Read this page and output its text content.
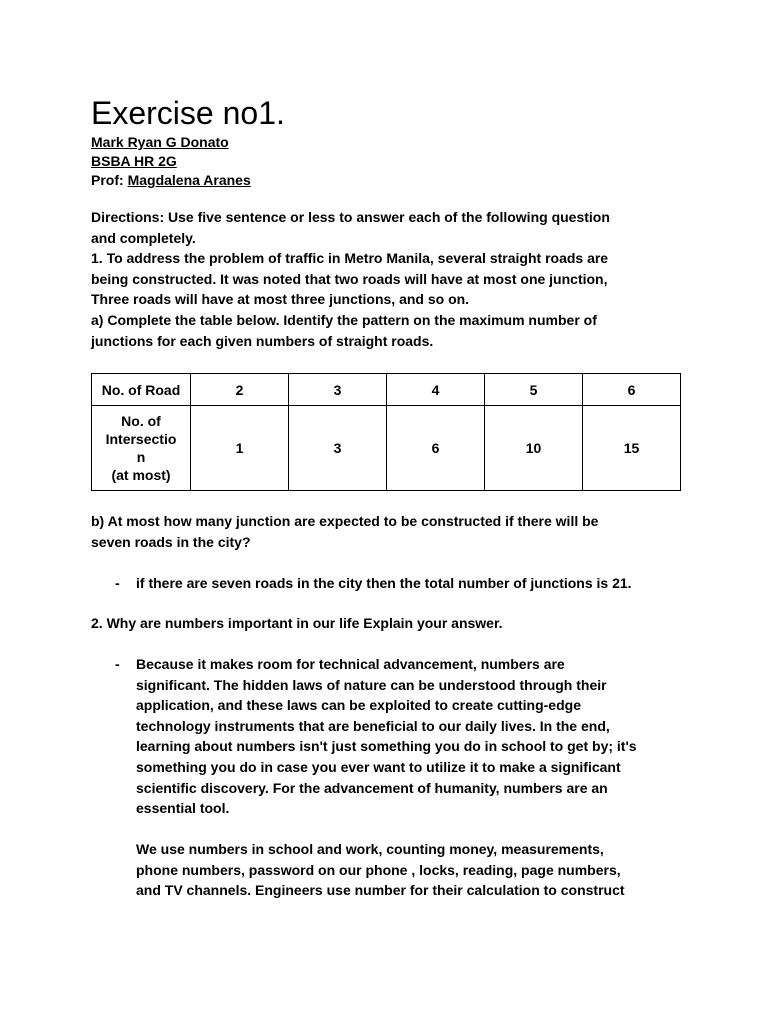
Exercise no1.
Mark Ryan G Donato
BSBA HR 2G
Prof: Magdalena Aranes

Directions: Use five sentence or less to answer each of the following question

and completely.

1. To address the problem of traffic in Metro Manila, several straight roads are

being constructed. It was noted that two roads will have at most one junction,

Three roads will have at most three junctions, and so on.

a) Complete the table below. Identify the pattern on the maximum number of

junctions for each given numbers of straight roads.

No. of Road	2	3	4	5	6

No. of
Intersectio
n
(at most)	1	3	6	10	15

b) At most how many junction are expected to be constructed if there will be

seven roads in the city?

- if there are seven roads in the city then the total number of junctions is 21.
2. Why are numbers important in our life Explain your answer.
- Because it makes room for technical advancement, numbers are

significant. The hidden laws of nature can be understood through their

application, and these laws can be exploited to create cutting-edge

technology instruments that are beneficial to our daily lives. In the end,

learning about numbers isn't just something you do in school to get by; it's

something you do in case you ever want to utilize it to make a significant

scientific discovery. For the advancement of humanity, numbers are an

essential tool.

We use numbers in school and work, counting money, measurements,

phone numbers, password on our phone , locks, reading, page numbers,

and TV channels. Engineers use number for their calculation to construct
